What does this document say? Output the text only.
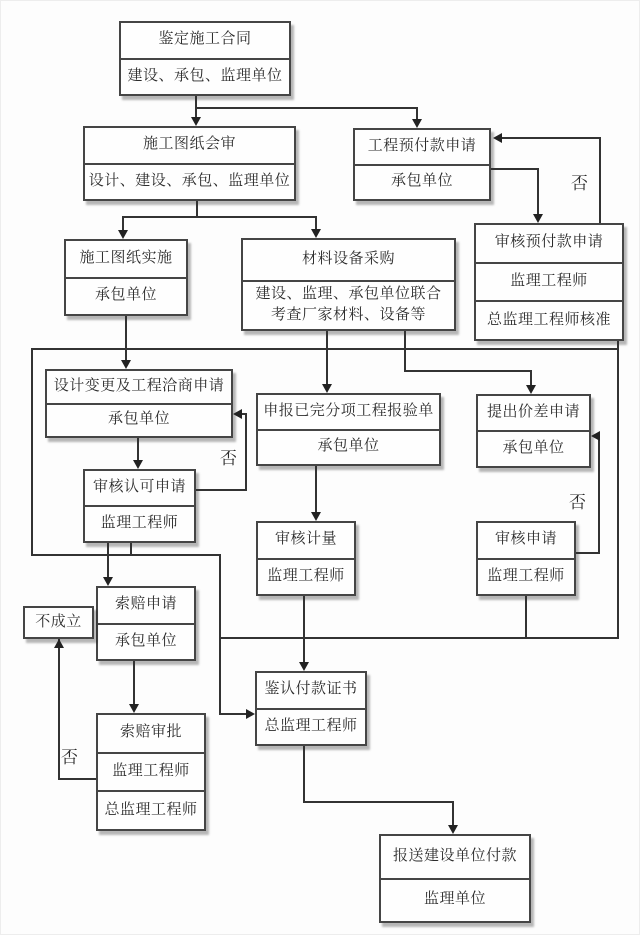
鉴定施工合同
建设、承包、监理单位
施工图纸会审
设计、建设、承包、监理单位
工程预付款申请
承包单位
审核预付款申请
监理工程师
总监理工程师核准
施工图纸实施
承包单位
材料设备采购
建设、监理、承包单位联合考查厂家材料、设备等
设计变更及工程洽商申请
承包单位
申报已完分项工程报验单
承包单位
提出价差申请
承包单位
审核认可申请
监理工程师
审核计量
监理工程师
审核申请
监理工程师
索赔申请
承包单位
不成立
索赔审批
监理工程师
总监理工程师
鉴认付款证书
总监理工程师
报送建设单位付款
监理单位
否
否
否
否
